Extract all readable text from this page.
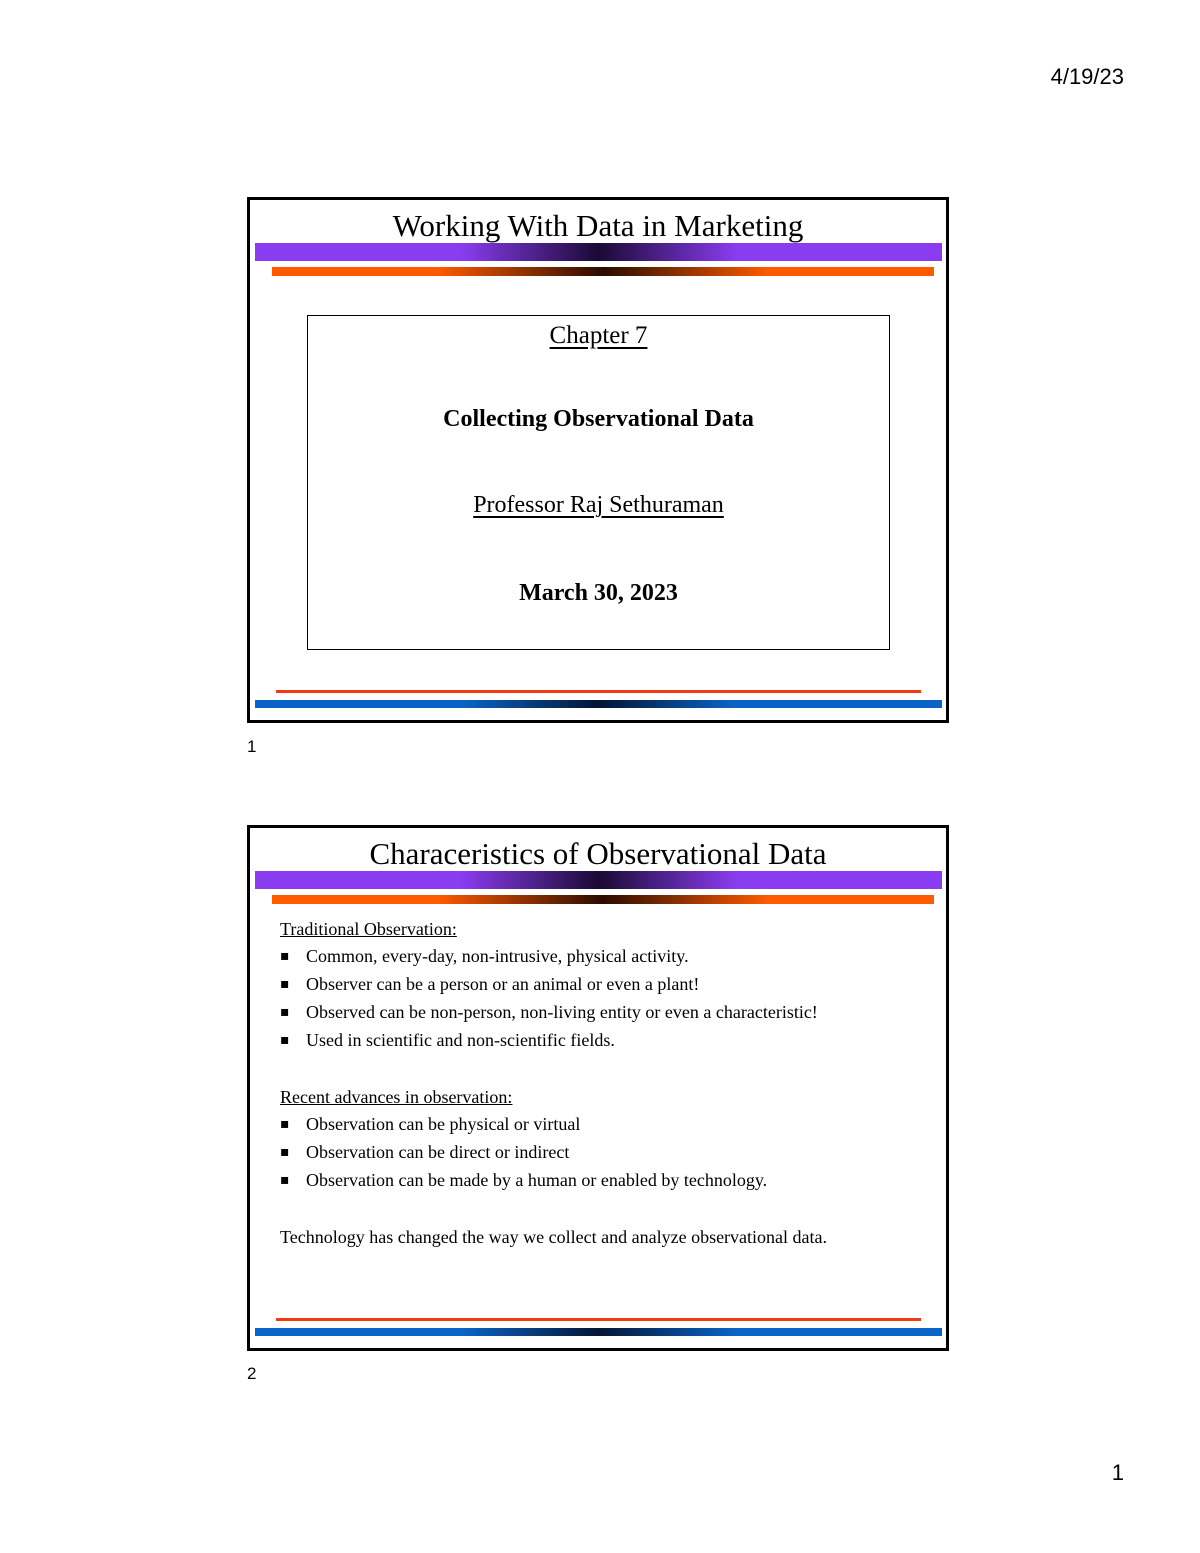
4/19/23
Working With Data in Marketing
Chapter 7
Collecting Observational Data
Professor Raj Sethuraman
March 30, 2023
1
Characeristics of Observational Data
Traditional Observation:
▪ Common, every-day, non-intrusive, physical activity.
▪ Observer can be a person or an animal or even a plant!
▪ Observed can be non-person, non-living entity or even a characteristic!
▪ Used in scientific and non-scientific fields.
Recent advances in observation:
▪ Observation can be physical or virtual
▪ Observation can be direct or indirect
▪ Observation can be made by a human or enabled by technology.
Technology has changed the way we collect and analyze observational data.
2
1
